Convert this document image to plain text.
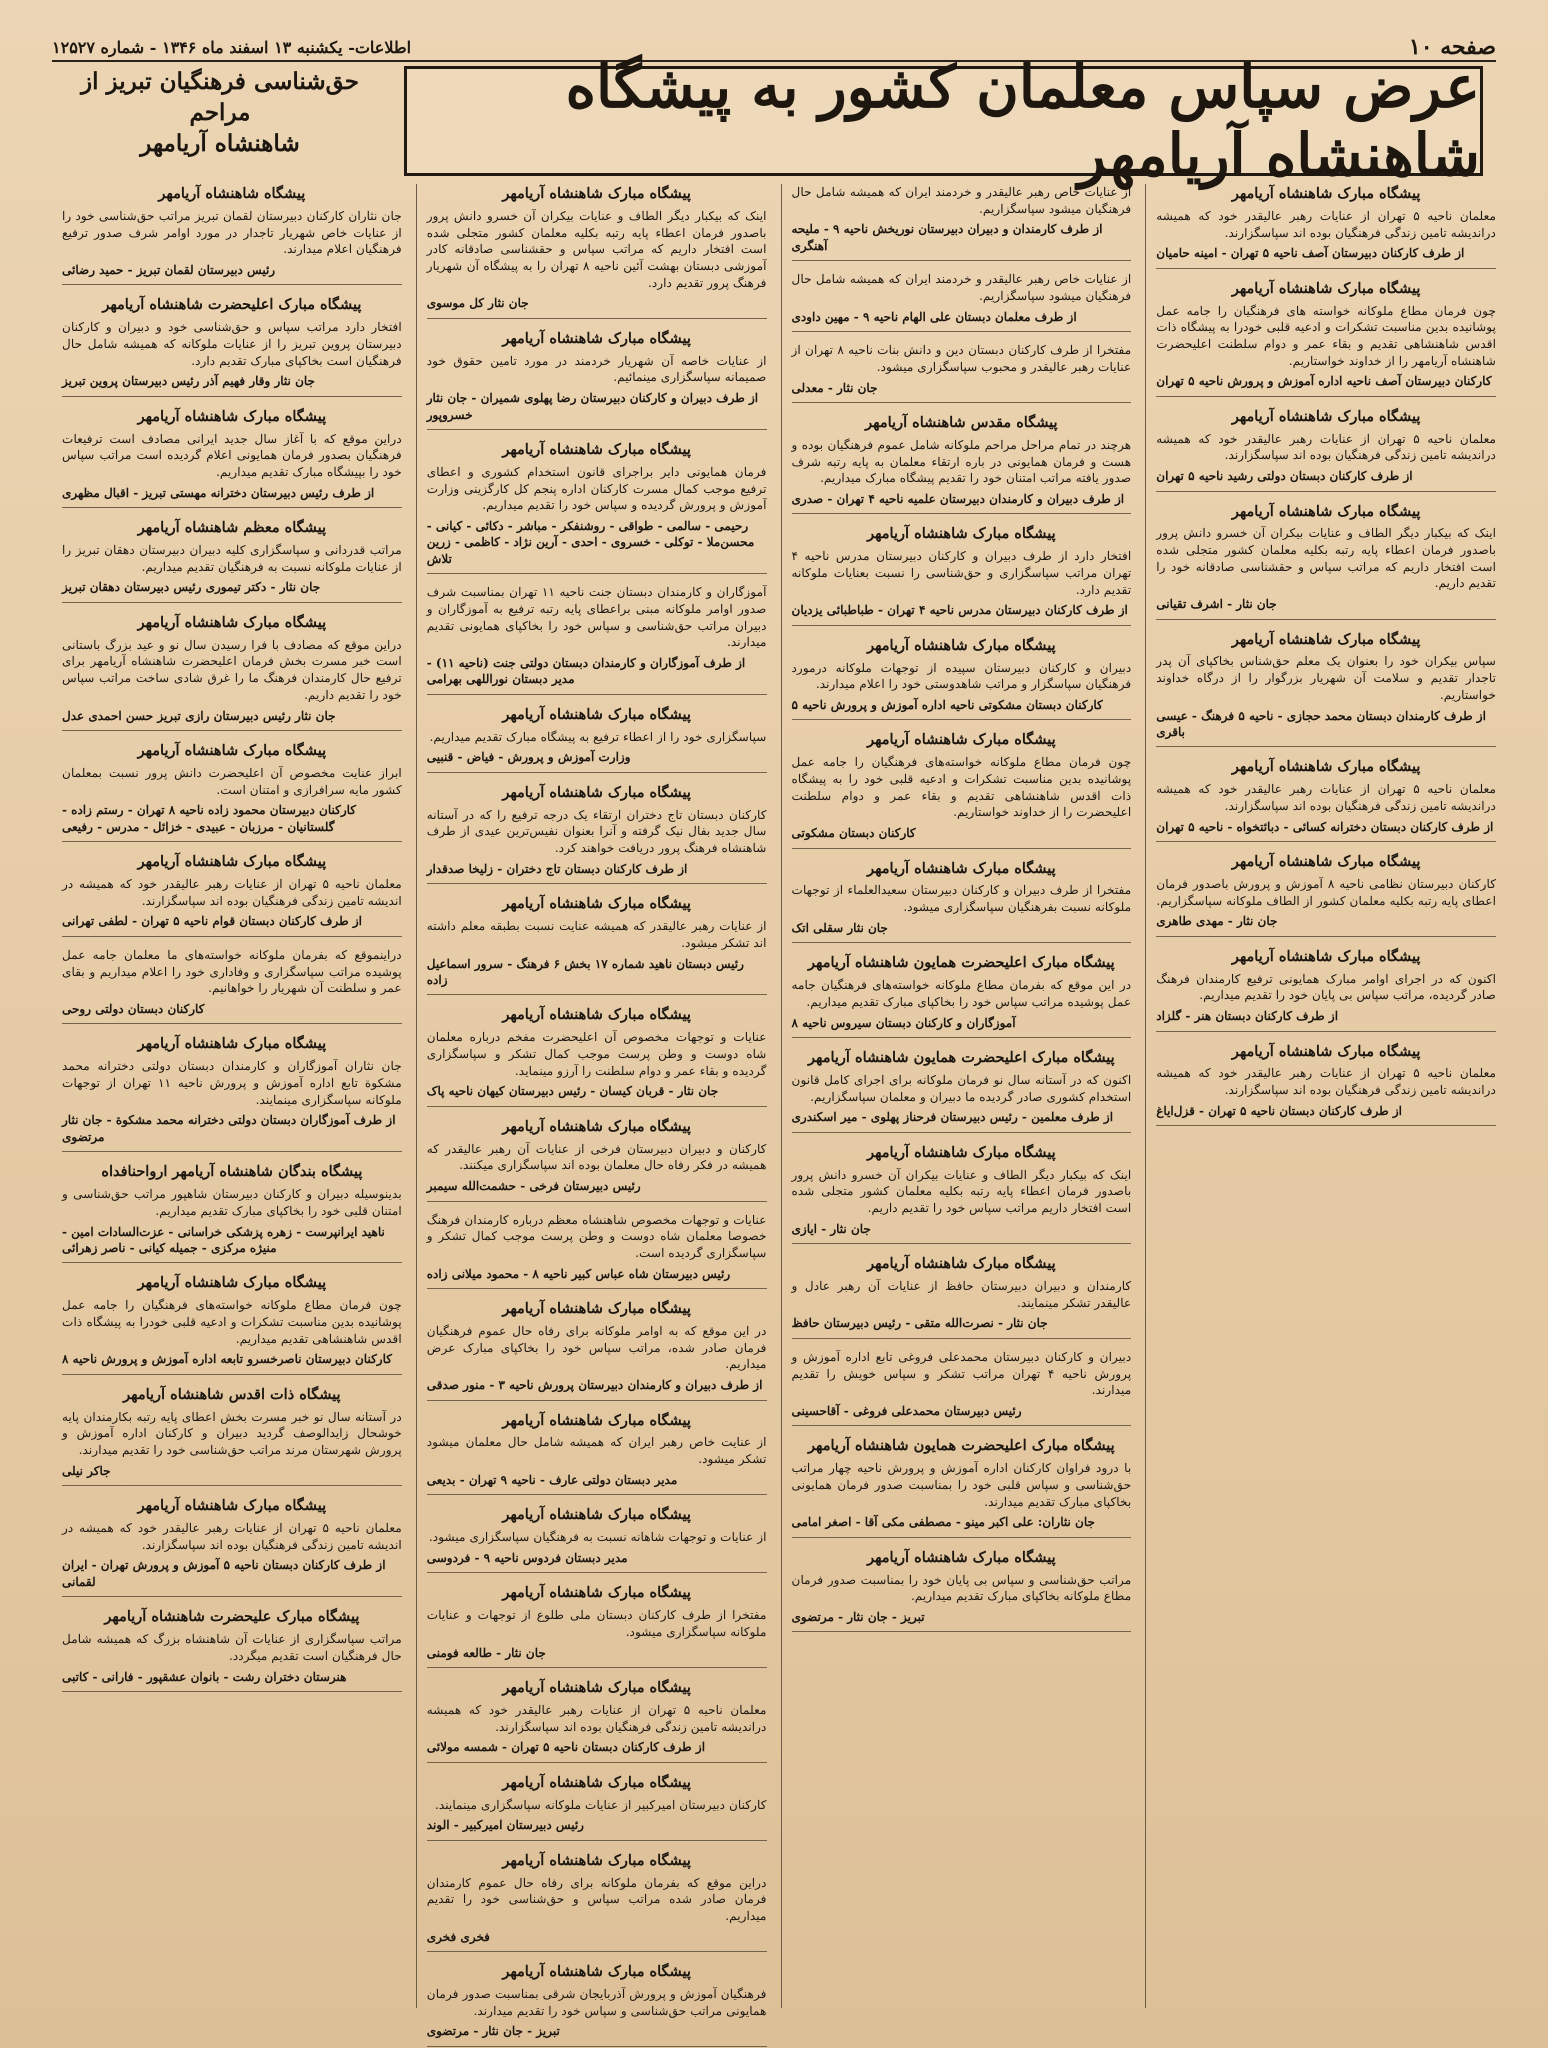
صفحه ۱۰
اطلاعات- یکشنبه ۱۳ اسفند ماه ۱۳۴۶ - شماره ۱۲۵۲۷
عرض سپاس معلمان کشور به پیشگاه شاهنشاه آریامهر
حق‌شناسی فرهنگیان تبریز از مراحم
شاهنشاه آریامهر
پیشگاه مبارک شاهنشاه آریامهر

معلمان ناحیه ۵ تهران از عنایات رهبر عالیقدر خود که همیشه دراندیشه تامین زندگی فرهنگیان بوده اند سپاسگزارند.

از طرف کارکنان دبیرستان آصف ناحیه ۵ تهران - امینه حامیان
پیشگاه مبارک شاهنشاه آریامهر

چون فرمان مطاع ملوکانه خواسته های فرهنگیان را جامه عمل پوشانیده بدین مناسبت تشکرات و ادعیه قلبی خودرا به پیشگاه ذات اقدس شاهنشاهی تقدیم و بقاء عمر و دوام سلطنت اعلیحضرت شاهنشاه آریامهر را از خداوند خواستاریم.

کارکنان دبیرستان آصف ناحیه اداره آموزش و پرورش ناحیه ۵ تهران
پیشگاه مبارک شاهنشاه آریامهر

معلمان ناحیه ۵ تهران از عنایات رهبر عالیقدر خود که همیشه دراندیشه تامین زندگی فرهنگیان بوده اند سپاسگزارند.

از طرف کارکنان دبستان دولتی رشید ناحیه ۵ تهران
پیشگاه مبارک شاهنشاه آریامهر

اینک که بیکبار دیگر الطاف و عنایات بیکران آن خسرو دانش پرور باصدور فرمان اعطاء پایه رتبه بکلیه معلمان کشور متجلی شده است افتخار داریم که مراتب سپاس و حقشناسی صادقانه خود را تقدیم داریم.

جان نثار - اشرف تقیانی
پیشگاه مبارک شاهنشاه آریامهر

سپاس بیکران خود را بعنوان یک معلم حق‌شناس بخاکپای آن پدر تاجدار تقدیم و سلامت آن شهریار بزرگوار را از درگاه خداوند خواستاریم.

از طرف کارمندان دبستان محمد حجازی - ناحیه ۵ فرهنگ - عیسی باقری
پیشگاه مبارک شاهنشاه آریامهر

معلمان ناحیه ۵ تهران از عنایات رهبر عالیقدر خود که همیشه دراندیشه تامین زندگی فرهنگیان بوده اند سپاسگزارند.

از طرف کارکنان دبستان دخترانه کسائی - دبائتخواه - ناحیه ۵ تهران
پیشگاه مبارک شاهنشاه آریامهر

کارکنان دبیرستان نظامی ناحیه ۸ آموزش و پرورش باصدور فرمان اعطای پایه رتبه بکلیه معلمان کشور از الطاف ملوکانه سپاسگزاریم.

جان نثار - مهدی طاهری
پیشگاه مبارک شاهنشاه آریامهر

اکنون که در اجرای اوامر مبارک همایونی ترفیع کارمندان فرهنگ صادر گردیده، مراتب سپاس بی پایان خود را تقدیم میداریم.

از طرف کارکنان دبستان هنر - گلزاد
پیشگاه مبارک شاهنشاه آریامهر

معلمان ناحیه ۵ تهران از عنایات رهبر عالیقدر خود که همیشه دراندیشه تامین زندگی فرهنگیان بوده اند سپاسگزارند.

از طرف کارکنان دبستان ناحیه ۵ تهران - قزل‌ایاغ

از عنایات خاص رهبر عالیقدر و خردمند ایران که همیشه شامل حال فرهنگیان میشود سپاسگزاریم.

از طرف کارمندان و دبیران دبیرستان نوریخش ناحیه ۹ - ملیحه آهنگری

از عنایات خاص رهبر عالیقدر و خردمند ایران که همیشه شامل حال فرهنگیان میشود سپاسگزاریم.

از طرف معلمان دبستان علی الهام ناحیه ۹ - مهین داودی

مفتخرا از طرف کارکنان دبستان دین و دانش بنات ناحیه ۸ تهران از عنایات رهبر عالیقدر و محبوب سپاسگزاری میشود.

جان نثار - معدلی
پیشگاه مقدس شاهنشاه آریامهر

هرچند در تمام مراحل مراحم ملوکانه شامل عموم فرهنگیان بوده و هست و فرمان همایونی در باره ارتقاء معلمان به پایه رتبه شرف صدور یافته مراتب امتنان خود را تقدیم پیشگاه مبارک میداریم.

از طرف دبیران و کارمندان دبیرستان علمیه ناحیه ۴ تهران - صدری
پیشگاه مبارک شاهنشاه آریامهر

افتخار دارد از طرف دبیران و کارکنان دبیرستان مدرس ناحیه ۴ تهران مراتب سپاسگزاری و حق‌شناسی را نسبت بعنایات ملوکانه تقدیم دارد.

از طرف کارکنان دبیرستان مدرس ناحیه ۴ تهران - طباطبائی یزدیان
پیشگاه مبارک شاهنشاه آریامهر

دبیران و کارکنان دبیرستان سپیده از توجهات ملوکانه درمورد فرهنگیان سپاسگزار و مراتب شاهدوستی خود را اعلام میدارند.

کارکنان دبستان مشکوتی ناحیه اداره آموزش و پرورش ناحیه ۵
پیشگاه مبارک شاهنشاه آریامهر

چون فرمان مطاع ملوکانه خواسته‌های فرهنگیان را جامه عمل پوشانیده بدین مناسبت تشکرات و ادعیه قلبی خود را به پیشگاه ذات اقدس شاهنشاهی تقدیم و بقاء عمر و دوام سلطنت اعلیحضرت را از خداوند خواستاریم.

کارکنان دبستان مشکوتی
پیشگاه مبارک شاهنشاه آریامهر

مفتخرا از طرف دبیران و کارکنان دبیرستان سعیدالعلماء از توجهات ملوکانه نسبت بفرهنگیان سپاسگزاری میشود.

جان نثار سقلی اتک
پیشگاه مبارک اعلیحضرت همایون شاهنشاه آریامهر

در این موقع که بفرمان مطاع ملوکانه خواسته‌های فرهنگیان جامه عمل پوشیده مراتب سپاس خود را بخاکپای مبارک تقدیم میداریم.

آموزگاران و کارکنان دبستان سیروس ناحیه ۸
پیشگاه مبارک اعلیحضرت همایون شاهنشاه آریامهر

اکنون که در آستانه سال نو فرمان ملوکانه برای اجرای کامل قانون استخدام کشوری صادر گردیده ما دبیران و معلمان سپاسگزاریم.

از طرف معلمین - رئیس دبیرستان فرحناز پهلوی - میر اسکندری
پیشگاه مبارک شاهنشاه آریامهر

اینک که بیکبار دیگر الطاف و عنایات بیکران آن خسرو دانش پرور باصدور فرمان اعطاء پایه رتبه بکلیه معلمان کشور متجلی شده است افتخار داریم مراتب سپاس خود را تقدیم داریم.

جان نثار - ایازی
پیشگاه مبارک شاهنشاه آریامهر

کارمندان و دبیران دبیرستان حافظ از عنایات آن رهبر عادل و عالیقدر تشکر مینمایند.

جان نثار - نصرت‌الله متقی - رئیس دبیرستان حافظ

دبیران و کارکنان دبیرستان محمدعلی فروغی تابع اداره آموزش و پرورش ناحیه ۴ تهران مراتب تشکر و سپاس خویش را تقدیم میدارند.

رئیس دبیرستان محمدعلی فروغی - آقاحسینی
پیشگاه مبارک اعلیحضرت همایون شاهنشاه آریامهر

با درود فراوان کارکنان اداره آموزش و پرورش ناحیه چهار مراتب حق‌شناسی و سپاس قلبی خود را بمناسبت صدور فرمان همایونی بخاکپای مبارک تقدیم میدارند.

جان نثاران: علی اکبر مینو - مصطفی مکی آقا - اصغر امامی
پیشگاه مبارک شاهنشاه آریامهر

مراتب حق‌شناسی و سپاس بی پایان خود را بمناسبت صدور فرمان مطاع ملوکانه بخاکپای مبارک تقدیم میداریم.

تبریز - جان نثار - مرتضوی
پیشگاه مبارک شاهنشاه آریامهر

اینک که بیکبار دیگر الطاف و عنایات بیکران آن خسرو دانش پرور باصدور فرمان اعطاء پایه رتبه بکلیه معلمان کشور متجلی شده است افتخار داریم که مراتب سپاس و حقشناسی صادقانه کادر آموزشی دبستان بهشت آئین ناحیه ۸ تهران را به پیشگاه آن شهریار فرهنگ پرور تقدیم دارد.

جان نثار کل موسوی
پیشگاه مبارک شاهنشاه آریامهر

از عنایات خاصه آن شهریار خردمند در مورد تامین حقوق خود صمیمانه سپاسگزاری مینمائیم.

از طرف دبیران و کارکنان دبیرستان رضا پهلوی شمیران - جان نثار خسروپور
پیشگاه مبارک شاهنشاه آریامهر

فرمان همایونی دایر براجرای قانون استخدام کشوری و اعطای ترفیع موجب کمال مسرت کارکنان اداره پنجم کل کارگزینی وزارت آموزش و پرورش گردیده و سپاس خود را تقدیم میداریم.

رحیمی - سالمی - طواقی - روشنفکر - مباشر - دکائی - کیانی - محسن‌ملا - توکلی - خسروی - احدی - آرین نژاد - کاظمی - زرین تلاش

آموزگاران و کارمندان دبستان جنت ناحیه ۱۱ تهران بمناسبت شرف صدور اوامر ملوکانه مبنی براعطای پایه رتبه ترفیع به آموزگاران و دبیران مراتب حق‌شناسی و سپاس خود را بخاکپای همایونی تقدیم میدارند.

از طرف آموزگاران و کارمندان دبستان دولتی جنت (ناحیه ۱۱) - مدیر دبستان نوراللهی بهرامی
پیشگاه مبارک شاهنشاه آریامهر

سپاسگزاری خود را از اعطاء ترفیع به پیشگاه مبارک تقدیم میداریم.

وزارت آموزش و پرورش - فیاض - قنبیی
پیشگاه مبارک شاهنشاه آریامهر

کارکنان دبستان تاج دختران ارتقاء یک درجه ترفیع را که در آستانه سال جدید بفال نیک گرفته و آنرا بعنوان نفیس‌ترین عیدی از طرف شاهنشاه فرهنگ پرور دریافت خواهند کرد.

از طرف کارکنان دبستان تاج دختران - زلیخا صدقدار
پیشگاه مبارک شاهنشاه آریامهر

از عنایات رهبر عالیقدر که همیشه عنایت نسبت بطبقه معلم داشته اند تشکر میشود.

رئیس دبستان ناهید شماره ۱۷ بخش ۶ فرهنگ - سرور اسماعیل زاده
پیشگاه مبارک شاهنشاه آریامهر

عنایات و توجهات مخصوص آن اعلیحضرت مفخم درباره معلمان شاه دوست و وطن پرست موجب کمال تشکر و سپاسگزاری گردیده و بقاء عمر و دوام سلطنت را آرزو مینماید.

جان نثار - قربان کیسان - رئیس دبیرستان کیهان ناحیه پاک
پیشگاه مبارک شاهنشاه آریامهر

کارکنان و دبیران دبیرستان فرخی از عنایات آن رهبر عالیقدر که همیشه در فکر رفاه حال معلمان بوده اند سپاسگزاری میکنند.

رئیس دبیرستان فرخی - حشمت‌الله سیمبر

عنایات و توجهات مخصوص شاهنشاه معظم درباره کارمندان فرهنگ خصوصا معلمان شاه دوست و وطن پرست موجب کمال تشکر و سپاسگزاری گردیده است.

رئیس دبیرستان شاه عباس کبیر ناحیه ۸ - محمود میلانی زاده
پیشگاه مبارک شاهنشاه آریامهر

در این موقع که به اوامر ملوکانه برای رفاه حال عموم فرهنگیان فرمان صادر شده، مراتب سپاس خود را بخاکپای مبارک عرض میداریم.

از طرف دبیران و کارمندان دبیرستان پرورش ناحیه ۳ - منور صدقی
پیشگاه مبارک شاهنشاه آریامهر

از عنایت خاص رهبر ایران که همیشه شامل حال معلمان میشود تشکر میشود.

مدیر دبستان دولتی عارف - ناحیه ۹ تهران - بدیعی
پیشگاه مبارک شاهنشاه آریامهر

از عنایات و توجهات شاهانه نسبت به فرهنگیان سپاسگزاری میشود.

مدیر دبستان فردوس ناحیه ۹ - فردوسی
پیشگاه مبارک شاهنشاه آریامهر

مفتخرا از طرف کارکنان دبستان ملی طلوع از توجهات و عنایات ملوکانه سپاسگزاری میشود.

جان نثار - طالعه فومنی
پیشگاه مبارک شاهنشاه آریامهر

معلمان ناحیه ۵ تهران از عنایات رهبر عالیقدر خود که همیشه دراندیشه تامین زندگی فرهنگیان بوده اند سپاسگزارند.

از طرف کارکنان دبستان ناحیه ۵ تهران - شمسه مولائی
پیشگاه مبارک شاهنشاه آریامهر

کارکنان دبیرستان امیرکبیر از عنایات ملوکانه سپاسگزاری مینمایند.

رئیس دبیرستان امیرکبیر - الوند
پیشگاه مبارک شاهنشاه آریامهر

دراین موقع که بفرمان ملوکانه برای رفاه حال عموم کارمندان فرمان صادر شده مراتب سپاس و حق‌شناسی خود را تقدیم میداریم.

فخری فخری
پیشگاه مبارک شاهنشاه آریامهر

فرهنگیان آموزش و پرورش آذربایجان شرقی بمناسبت صدور فرمان همایونی مراتب حق‌شناسی و سپاس خود را تقدیم میدارند.

تبریز - جان نثار - مرتضوی
پیشگاه شاهنشاه آریامهر

جان نثاران کارکنان دبیرستان لقمان تبریز مراتب حق‌شناسی خود را از عنایات خاص شهریار تاجدار در مورد اوامر شرف صدور ترفیع فرهنگیان اعلام میدارند.

رئیس دبیرستان لقمان تبریز - حمید رضائی
پیشگاه مبارک اعلیحضرت شاهنشاه آریامهر

افتخار دارد مراتب سپاس و حق‌شناسی خود و دبیران و کارکنان دبیرستان پروین تبریز را از عنایات ملوکانه که همیشه شامل حال فرهنگیان است بخاکپای مبارک تقدیم دارد.

جان نثار وقار فهیم آذر رئیس دبیرستان پروین تبریز
پیشگاه مبارک شاهنشاه آریامهر

دراین موقع که با آغاز سال جدید ایرانی مصادف است ترفیعات فرهنگیان بصدور فرمان همایونی اعلام گردیده است مراتب سپاس خود را بپیشگاه مبارک تقدیم میداریم.

از طرف رئیس دبیرستان دخترانه مهستی تبریز - اقبال مظهری
پیشگاه معظم شاهنشاه آریامهر

مراتب قدردانی و سپاسگزاری کلیه دبیران دبیرستان دهقان تبریز را از عنایات ملوکانه نسبت به فرهنگیان تقدیم میداریم.

جان نثار - دکتر تیموری رئیس دبیرستان دهقان تبریز
پیشگاه مبارک شاهنشاه آریامهر

دراین موقع که مصادف با فرا رسیدن سال نو و عید بزرگ باستانی است خبر مسرت بخش فرمان اعلیحضرت شاهنشاه آریامهر برای ترفیع حال کارمندان فرهنگ ما را غرق شادی ساخت مراتب سپاس خود را تقدیم داریم.

جان نثار رئیس دبیرستان رازی تبریز حسن احمدی عدل
پیشگاه مبارک شاهنشاه آریامهر

ابراز عنایت مخصوص آن اعلیحضرت دانش پرور نسبت بمعلمان کشور مایه سرافرازی و امتنان است.

کارکنان دبیرستان محمود زاده ناحیه ۸ تهران - رستم زاده - گلستانیان - مرزبان - عبیدی - خزائل - مدرس - رفیعی
پیشگاه مبارک شاهنشاه آریامهر

معلمان ناحیه ۵ تهران از عنایات رهبر عالیقدر خود که همیشه در اندیشه تامین زندگی فرهنگیان بوده اند سپاسگزارند.

از طرف کارکنان دبستان قوام ناحیه ۵ تهران - لطفی تهرانی

دراینموقع که بفرمان ملوکانه خواسته‌های ما معلمان جامه عمل پوشیده مراتب سپاسگزاری و وفاداری خود را اعلام میداریم و بقای عمر و سلطنت آن شهریار را خواهانیم.

کارکنان دبستان دولتی روحی
پیشگاه مبارک شاهنشاه آریامهر

جان نثاران آموزگاران و کارمندان دبستان دولتی دخترانه محمد مشکوة تابع اداره آموزش و پرورش ناحیه ۱۱ تهران از توجهات ملوکانه سپاسگزاری مینمایند.

از طرف آموزگاران دبستان دولتی دخترانه محمد مشکوة - جان نثار مرتضوی
پیشگاه بندگان شاهنشاه آریامهر ارواحنافداه

بدینوسیله دبیران و کارکنان دبیرستان شاهپور مراتب حق‌شناسی و امتنان قلبی خود را بخاکپای مبارک تقدیم میداریم.

ناهید ایرانپرست - زهره پزشکی خراسانی - عزت‌السادات امین - منیژه مرکزی - جمیله کیانی - ناصر زهرائی
پیشگاه مبارک شاهنشاه آریامهر

چون فرمان مطاع ملوکانه خواسته‌های فرهنگیان را جامه عمل پوشانیده بدین مناسبت تشکرات و ادعیه قلبی خودرا به پیشگاه ذات اقدس شاهنشاهی تقدیم میداریم.

کارکنان دبیرستان ناصرخسرو تابعه اداره آموزش و پرورش ناحیه ۸
پیشگاه ذات اقدس شاهنشاه آریامهر

در آستانه سال نو خبر مسرت بخش اعطای پایه رتبه بکارمندان پایه خوشحال زایدالوصف گردید دبیران و کارکنان اداره آموزش و پرورش شهرستان مرند مراتب حق‌شناسی خود را تقدیم میدارند.

جاکر نیلی
پیشگاه مبارک شاهنشاه آریامهر

معلمان ناحیه ۵ تهران از عنایات رهبر عالیقدر خود که همیشه در اندیشه تامین زندگی فرهنگیان بوده اند سپاسگزارند.

از طرف کارکنان دبستان ناحیه ۵ آموزش و پرورش تهران - ایران لقمانی
پیشگاه مبارک علیحضرت شاهنشاه آریامهر

مراتب سپاسگزاری از عنایات آن شاهنشاه بزرگ که همیشه شامل حال فرهنگیان است تقدیم میگردد.

هنرستان دختران رشت - بانوان عشقپور - فارانی - کاتبی
